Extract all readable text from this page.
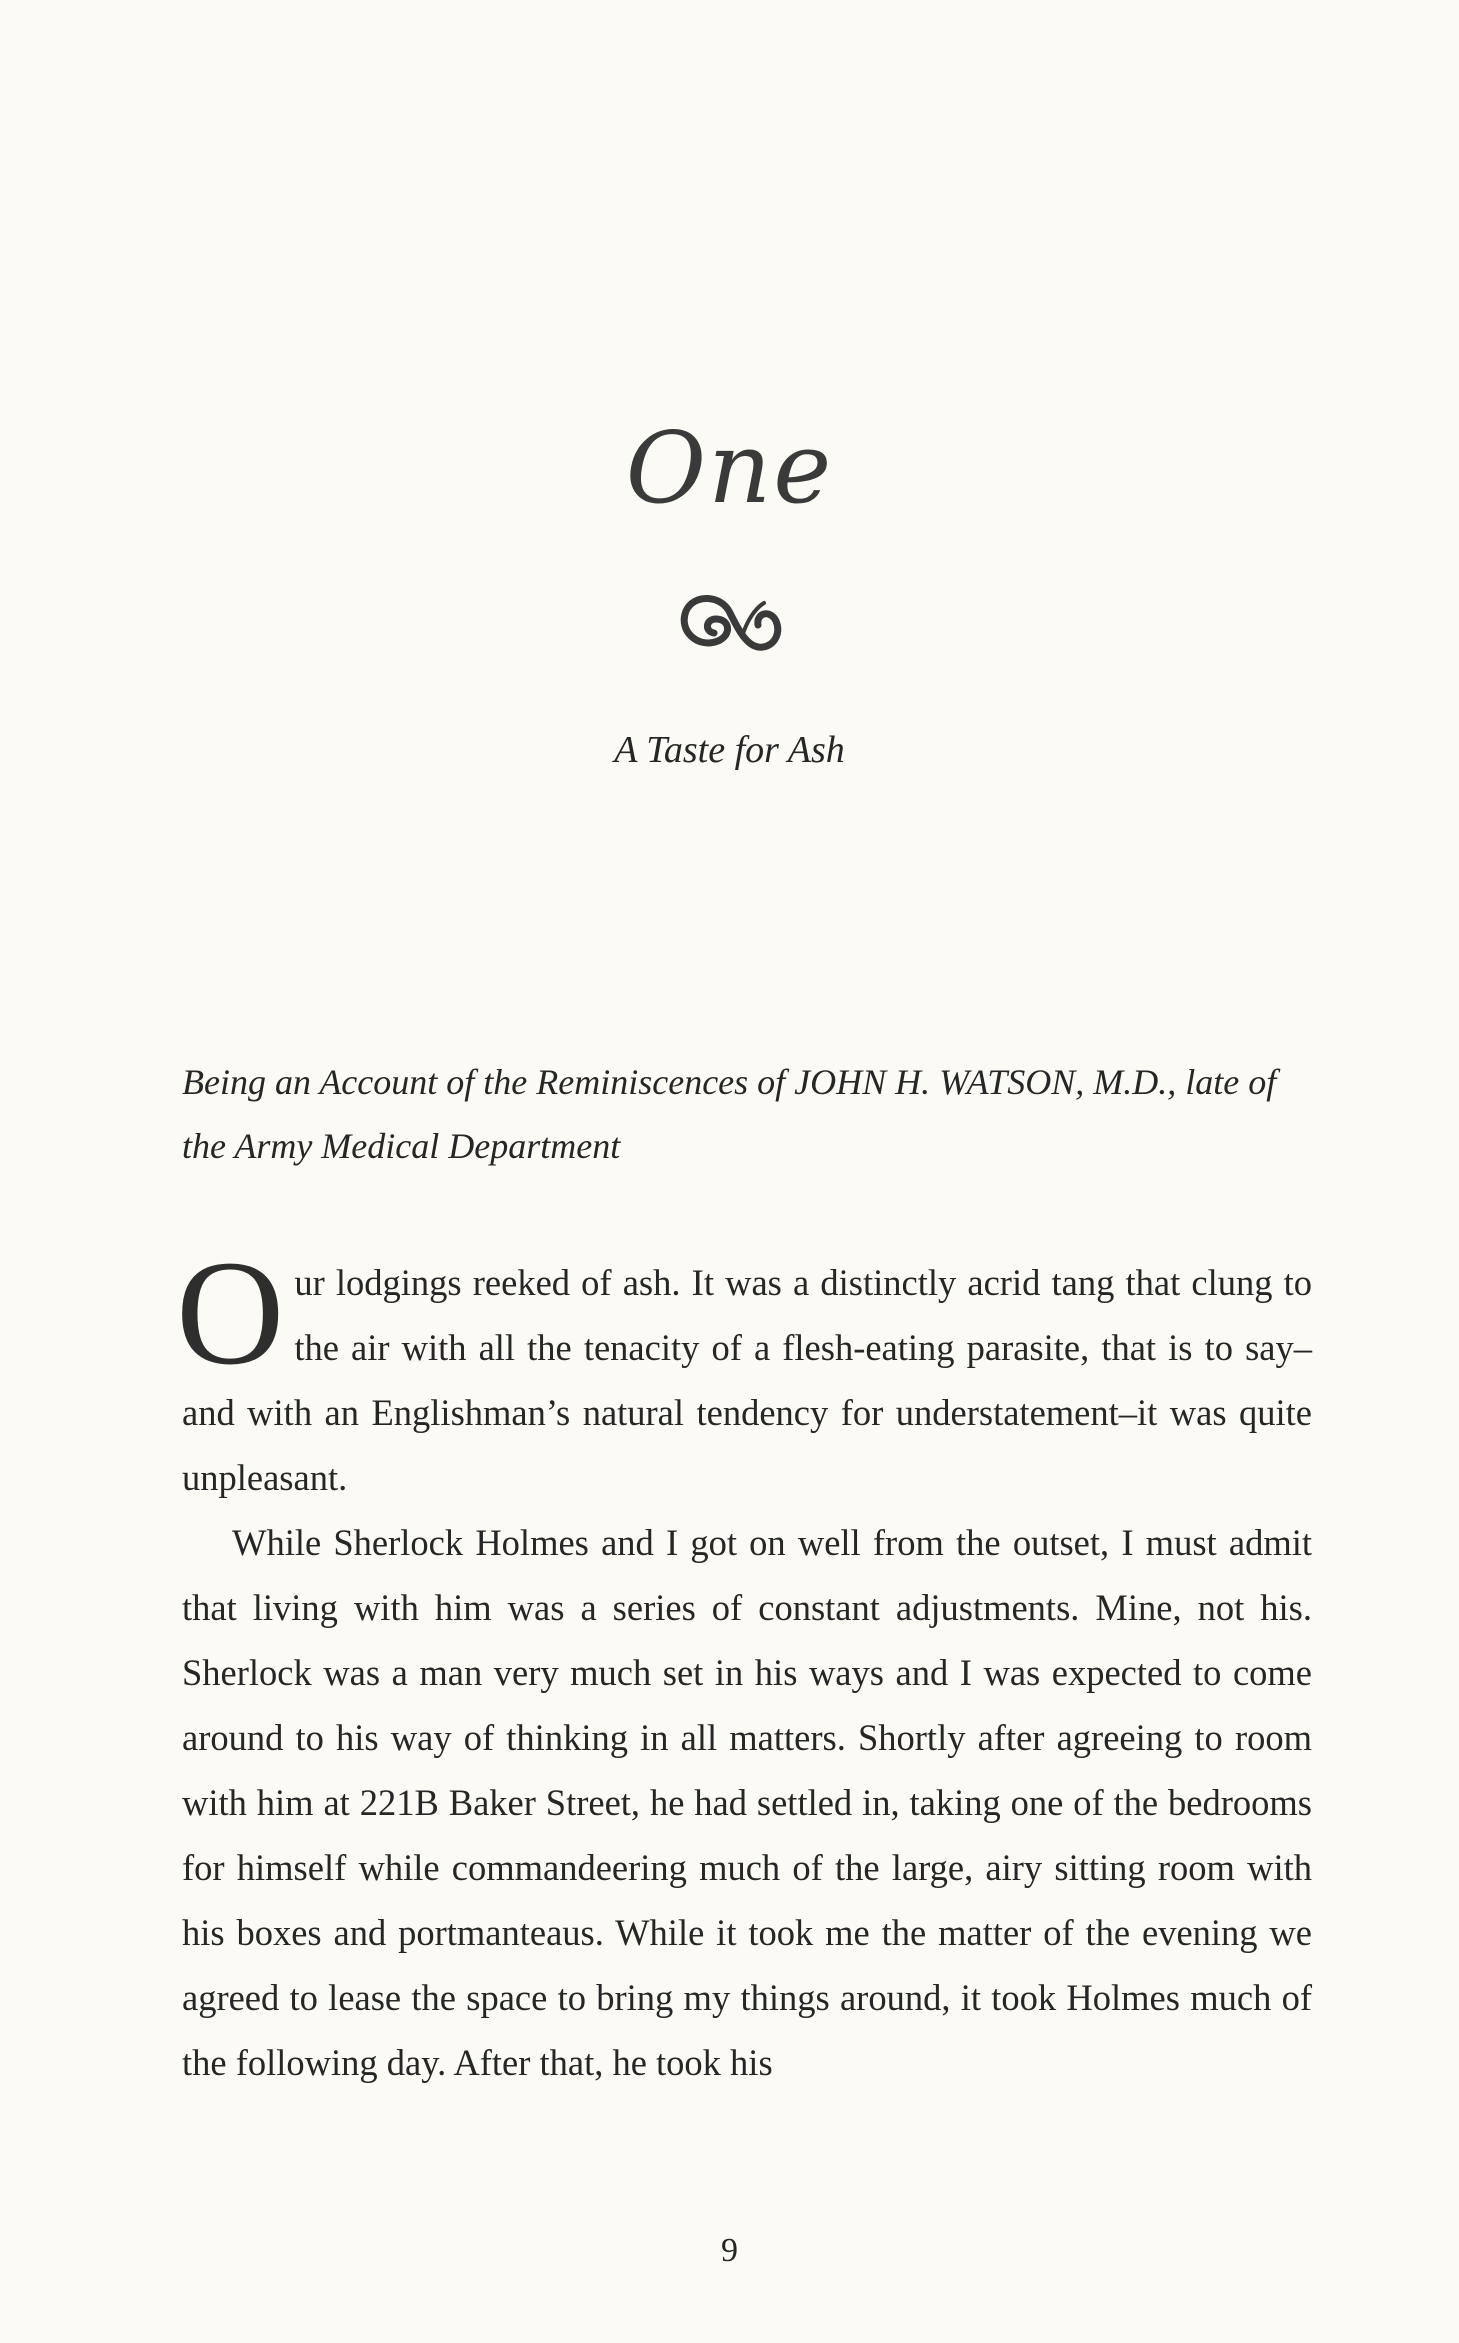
One
A Taste for Ash

Being an Account of the Reminiscences of JOHN H. WATSON, M.D., late of the Army Medical Department

Our lodgings reeked of ash. It was a distinctly acrid tang that clung to the air with all the tenacity of a flesh-eating parasite, that is to say–and with an Englishman’s natural tendency for understatement–it was quite unpleasant.

While Sherlock Holmes and I got on well from the outset, I must admit that living with him was a series of constant adjustments. Mine, not his. Sherlock was a man very much set in his ways and I was expected to come around to his way of thinking in all matters. Shortly after agreeing to room with him at 221B Baker Street, he had settled in, taking one of the bedrooms for himself while commandeering much of the large, airy sitting room with his boxes and portmanteaus. While it took me the matter of the evening we agreed to lease the space to bring my things around, it took Holmes much of the following day. After that, he took his

9
